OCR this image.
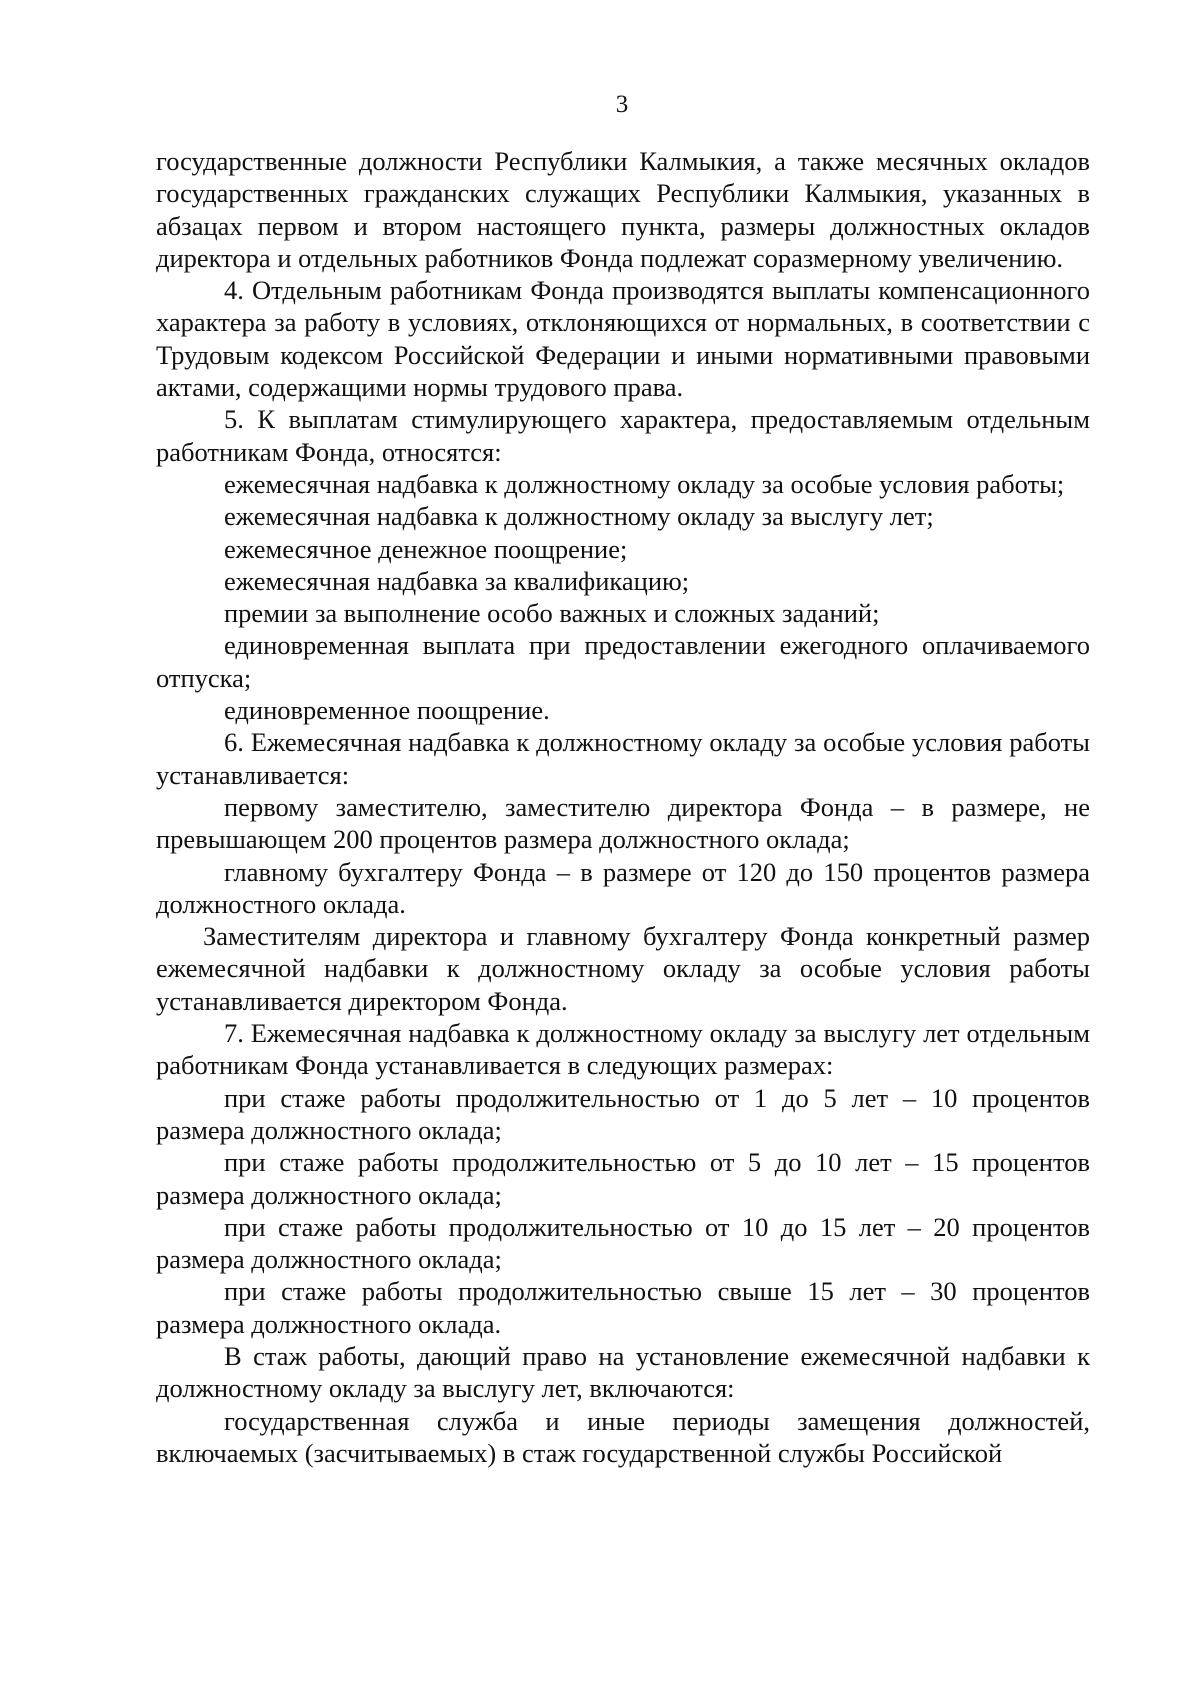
3

государственные должности Республики Калмыкия, а также месячных окладов государственных гражданских служащих Республики Калмыкия, указанных в абзацах первом и втором настоящего пункта, размеры должностных окладов директора и отдельных работников Фонда подлежат соразмерному увеличению.

4. Отдельным работникам Фонда производятся выплаты компенсационного характера за работу в условиях, отклоняющихся от нормальных, в соответствии с Трудовым кодексом Российской Федерации и иными нормативными правовыми актами, содержащими нормы трудового права.

5. К выплатам стимулирующего характера, предоставляемым отдельным работникам Фонда, относятся:

ежемесячная надбавка к должностному окладу за особые условия работы;

ежемесячная надбавка к должностному окладу за выслугу лет;

ежемесячное денежное поощрение;

ежемесячная надбавка за квалификацию;

премии за выполнение особо важных и сложных заданий;

единовременная выплата при предоставлении ежегодного оплачиваемого отпуска;

единовременное поощрение.

6. Ежемесячная надбавка к должностному окладу за особые условия работы устанавливается:

первому заместителю, заместителю директора Фонда – в размере, не превышающем 200 процентов размера должностного оклада;

главному бухгалтеру Фонда – в размере от 120 до 150 процентов размера должностного оклада.

Заместителям директора и главному бухгалтеру Фонда конкретный размер ежемесячной надбавки к должностному окладу за особые условия работы устанавливается директором Фонда.

7. Ежемесячная надбавка к должностному окладу за выслугу лет отдельным работникам Фонда устанавливается в следующих размерах:

при стаже работы продолжительностью от 1 до 5 лет – 10 процентов размера должностного оклада;

при стаже работы продолжительностью от 5 до 10 лет – 15 процентов размера должностного оклада;

при стаже работы продолжительностью от 10 до 15 лет – 20 процентов размера должностного оклада;

при стаже работы продолжительностью свыше 15 лет – 30 процентов размера должностного оклада.

В стаж работы, дающий право на установление ежемесячной надбавки к должностному окладу за выслугу лет, включаются:

государственная служба и иные периоды замещения должностей, включаемых (засчитываемых) в стаж государственной службы Российской
